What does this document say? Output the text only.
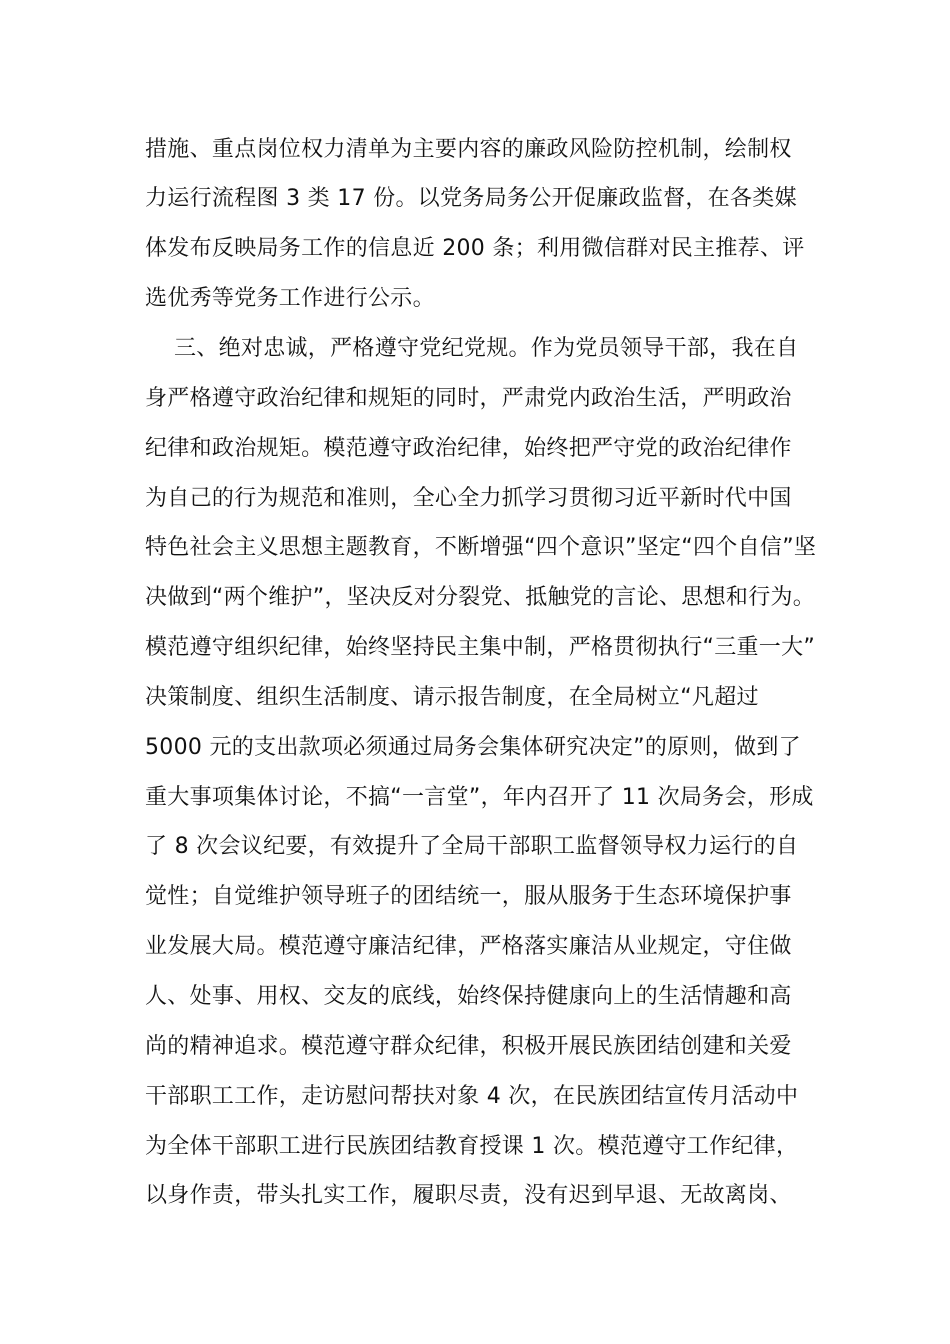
措施、重点岗位权力清单为主要内容的廉政风险防控机制，绘制权
力运行流程图 3 类 17 份。以党务局务公开促廉政监督，在各类媒
体发布反映局务工作的信息近 200 条；利用微信群对民主推荐、评
选优秀等党务工作进行公示。
三、绝对忠诚，严格遵守党纪党规。作为党员领导干部，我在自
身严格遵守政治纪律和规矩的同时，严肃党内政治生活，严明政治
纪律和政治规矩。模范遵守政治纪律，始终把严守党的政治纪律作
为自己的行为规范和准则，全心全力抓学习贯彻习近平新时代中国
特色社会主义思想主题教育，不断增强“四个意识”坚定“四个自信”坚
决做到“两个维护”，坚决反对分裂党、抵触党的言论、思想和行为。
模范遵守组织纪律，始终坚持民主集中制，严格贯彻执行“三重一大”
决策制度、组织生活制度、请示报告制度，在全局树立“凡超过
5000 元的支出款项必须通过局务会集体研究决定”的原则，做到了
重大事项集体讨论，不搞“一言堂”，年内召开了 11 次局务会，形成
了 8 次会议纪要，有效提升了全局干部职工监督领导权力运行的自
觉性；自觉维护领导班子的团结统一，服从服务于生态环境保护事
业发展大局。模范遵守廉洁纪律，严格落实廉洁从业规定，守住做
人、处事、用权、交友的底线，始终保持健康向上的生活情趣和高
尚的精神追求。模范遵守群众纪律，积极开展民族团结创建和关爱
干部职工工作，走访慰问帮扶对象 4 次，在民族团结宣传月活动中
为全体干部职工进行民族团结教育授课 1 次。模范遵守工作纪律，
以身作责，带头扎实工作，履职尽责，没有迟到早退、无故离岗、
